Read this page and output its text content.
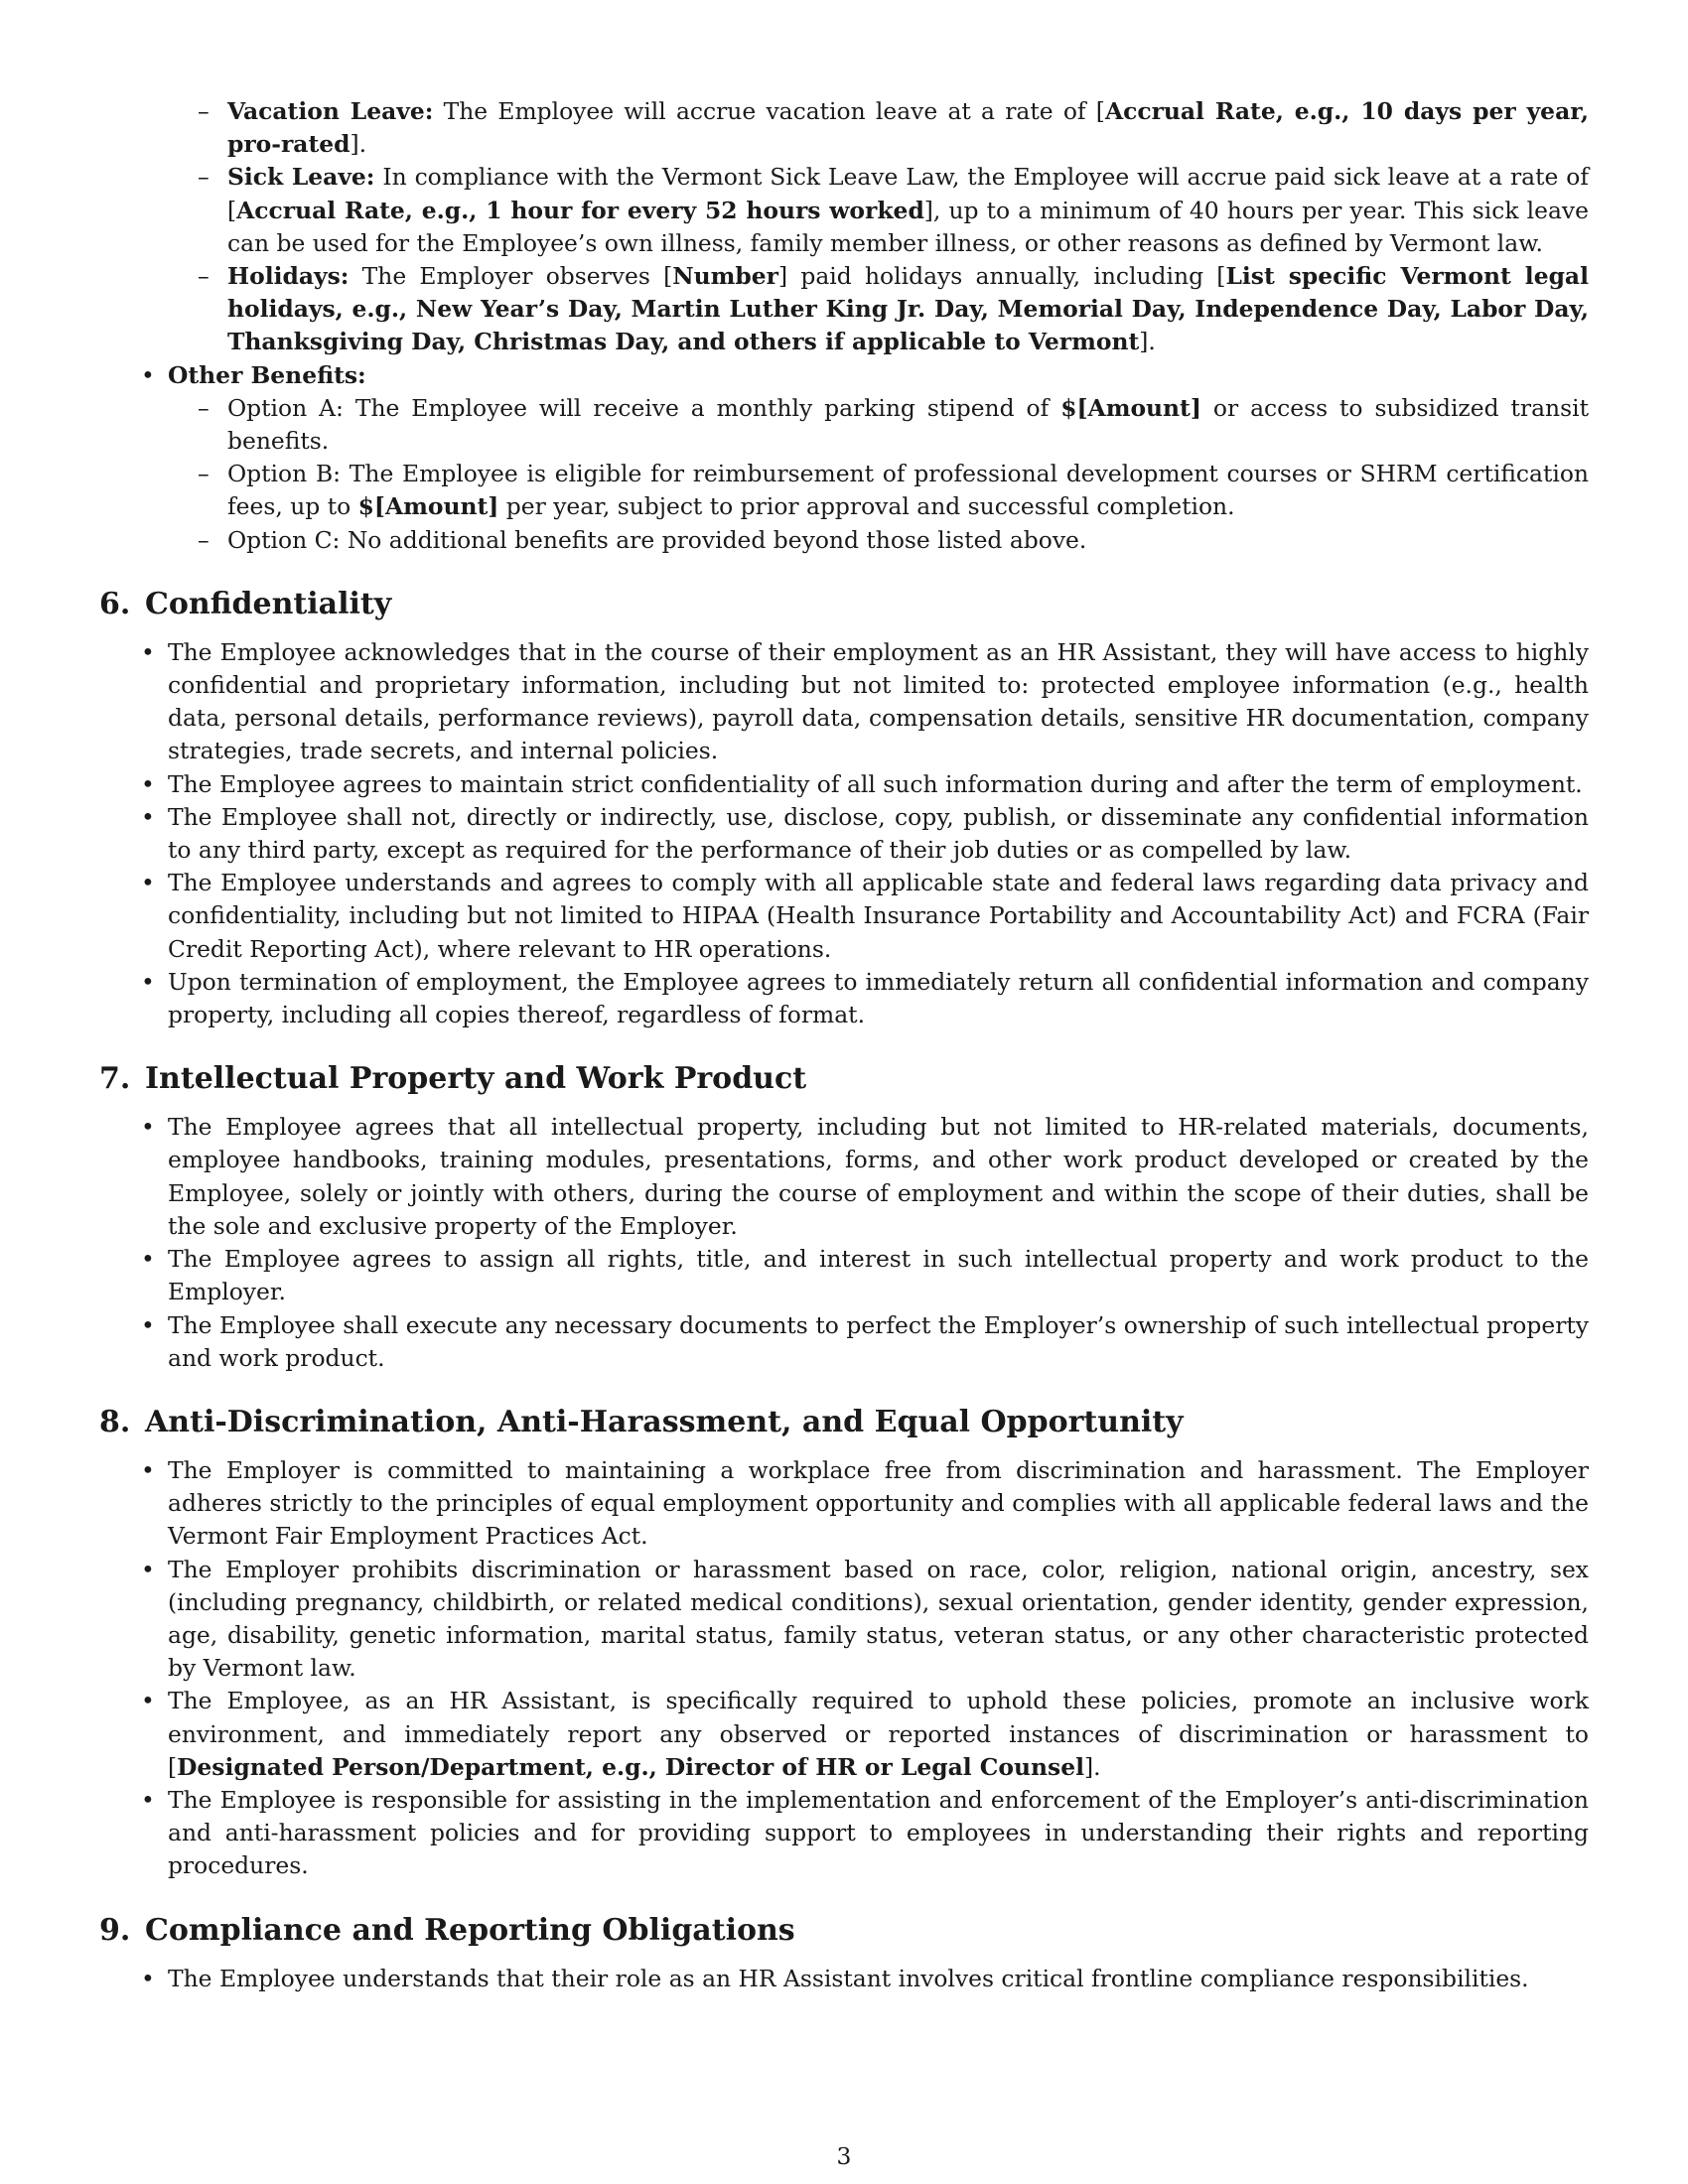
– Vacation Leave: The Employee will accrue vacation leave at a rate of [Accrual Rate, e.g., 10 days per year, pro-rated].
– Sick Leave: In compliance with the Vermont Sick Leave Law, the Employee will accrue paid sick leave at a rate of [Accrual Rate, e.g., 1 hour for every 52 hours worked], up to a minimum of 40 hours per year. This sick leave can be used for the Employee’s own illness, family member illness, or other reasons as defined by Vermont law.
– Holidays: The Employer observes [Number] paid holidays annually, including [List specific Vermont legal holidays, e.g., New Year’s Day, Martin Luther King Jr. Day, Memorial Day, Independence Day, Labor Day, Thanksgiving Day, Christmas Day, and others if applicable to Vermont].
• Other Benefits:
– Option A: The Employee will receive a monthly parking stipend of $[Amount] or access to subsidized transit benefits.
– Option B: The Employee is eligible for reimbursement of professional development courses or SHRM certification fees, up to $[Amount] per year, subject to prior approval and successful completion.
– Option C: No additional benefits are provided beyond those listed above.
6. Confidentiality
• The Employee acknowledges that in the course of their employment as an HR Assistant, they will have access to highly confidential and proprietary information, including but not limited to: protected employee information (e.g., health data, personal details, performance reviews), payroll data, compensation details, sensitive HR documentation, company strategies, trade secrets, and internal policies.
• The Employee agrees to maintain strict confidentiality of all such information during and after the term of employment.
• The Employee shall not, directly or indirectly, use, disclose, copy, publish, or disseminate any confidential information to any third party, except as required for the performance of their job duties or as compelled by law.
• The Employee understands and agrees to comply with all applicable state and federal laws regarding data privacy and confidentiality, including but not limited to HIPAA (Health Insurance Portability and Accountability Act) and FCRA (Fair Credit Reporting Act), where relevant to HR operations.
• Upon termination of employment, the Employee agrees to immediately return all confidential information and company property, including all copies thereof, regardless of format.
7. Intellectual Property and Work Product
• The Employee agrees that all intellectual property, including but not limited to HR-related materials, documents, employee handbooks, training modules, presentations, forms, and other work product developed or created by the Employee, solely or jointly with others, during the course of employment and within the scope of their duties, shall be the sole and exclusive property of the Employer.
• The Employee agrees to assign all rights, title, and interest in such intellectual property and work product to the Employer.
• The Employee shall execute any necessary documents to perfect the Employer’s ownership of such intellectual property and work product.
8. Anti-Discrimination, Anti-Harassment, and Equal Opportunity
• The Employer is committed to maintaining a workplace free from discrimination and harassment. The Employer adheres strictly to the principles of equal employment opportunity and complies with all applicable federal laws and the Vermont Fair Employment Practices Act.
• The Employer prohibits discrimination or harassment based on race, color, religion, national origin, ancestry, sex (including pregnancy, childbirth, or related medical conditions), sexual orientation, gender identity, gender expression, age, disability, genetic information, marital status, family status, veteran status, or any other characteristic protected by Vermont law.
• The Employee, as an HR Assistant, is specifically required to uphold these policies, promote an inclusive work environment, and immediately report any observed or reported instances of discrimination or harassment to [Designated Person/Department, e.g., Director of HR or Legal Counsel].
• The Employee is responsible for assisting in the implementation and enforcement of the Employer’s anti-discrimination and anti-harassment policies and for providing support to employees in understanding their rights and reporting procedures.
9. Compliance and Reporting Obligations
• The Employee understands that their role as an HR Assistant involves critical frontline compliance responsibilities.
3
